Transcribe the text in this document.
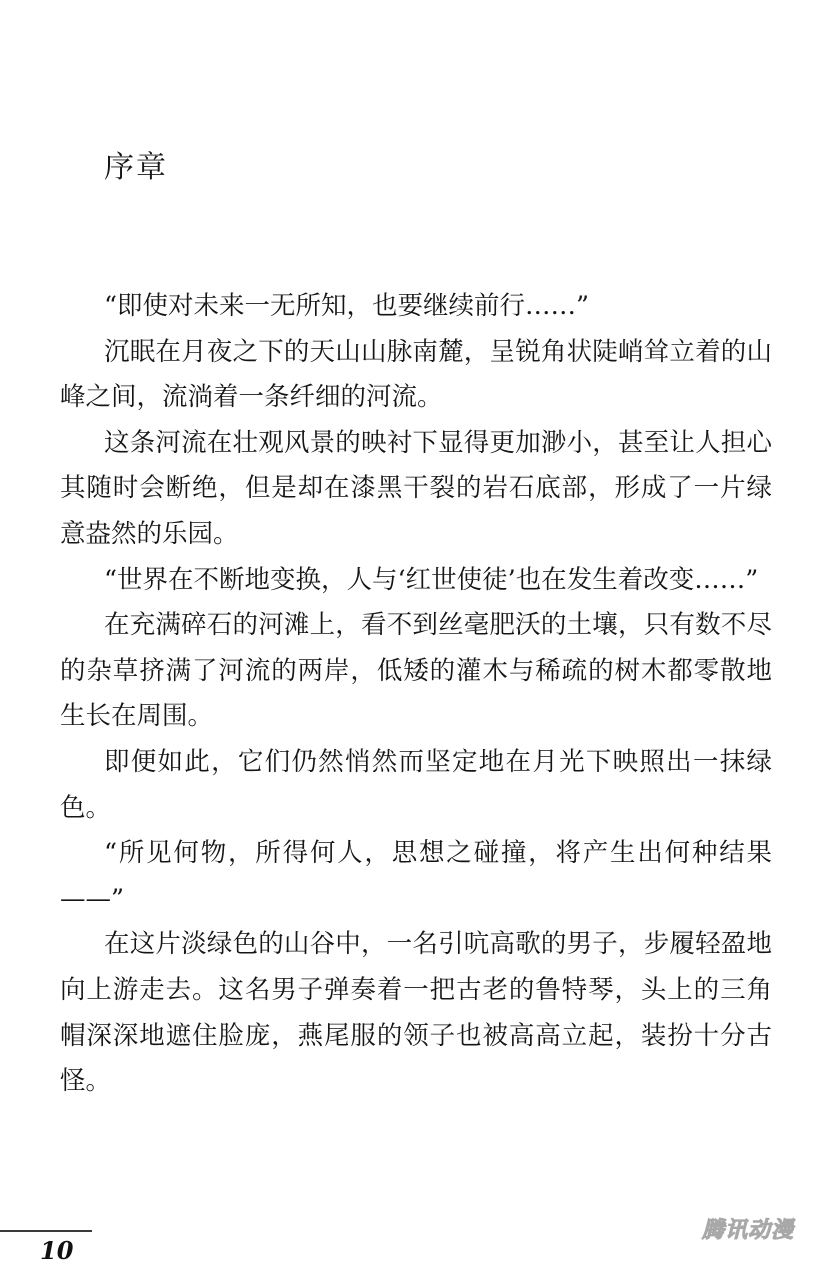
序章

“即使对未来一无所知，也要继续前行……”

沉眠在月夜之下的天山山脉南麓，呈锐角状陡峭耸立着的山峰之间，流淌着一条纤细的河流。

这条河流在壮观风景的映衬下显得更加渺小，甚至让人担心其随时会断绝，但是却在漆黑干裂的岩石底部，形成了一片绿意盎然的乐园。

“世界在不断地变换，人与‘红世使徒’也在发生着改变……”

在充满碎石的河滩上，看不到丝毫肥沃的土壤，只有数不尽的杂草挤满了河流的两岸，低矮的灌木与稀疏的树木都零散地生长在周围。

即便如此，它们仍然悄然而坚定地在月光下映照出一抹绿色。

“所见何物，所得何人，思想之碰撞，将产生出何种结果——”

在这片淡绿色的山谷中，一名引吭高歌的男子，步履轻盈地向上游走去。这名男子弹奏着一把古老的鲁特琴，头上的三角帽深深地遮住脸庞，燕尾服的领子也被高高立起，装扮十分古怪。

10
腾讯动漫
